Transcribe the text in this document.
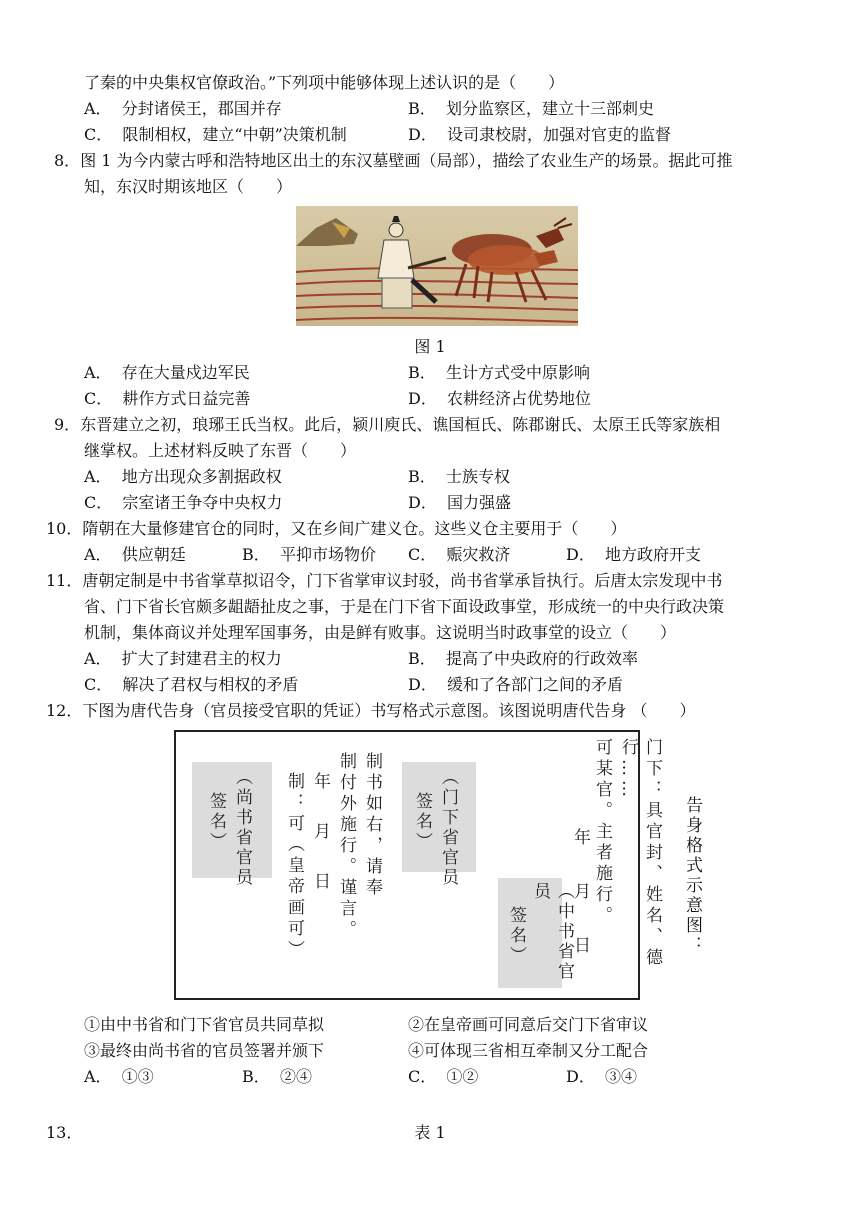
了秦的中央集权官僚政治。”下列项中能够体现上述认识的是（　　）
A． 分封诸侯王，郡国并存	B． 划分监察区，建立十三部刺史
C． 限制相权，建立“中朝”决策机制	D． 设司隶校尉，加强对官吏的监督
8．图 1 为今内蒙古呼和浩特地区出土的东汉墓壁画（局部），描绘了农业生产的场景。据此可推
知，东汉时期该地区（　　）
图 1
A． 存在大量戍边军民	B． 生计方式受中原影响
C． 耕作方式日益完善	D． 农耕经济占优势地位
9．东晋建立之初，琅琊王氏当权。此后，颍川庾氏、谯国桓氏、陈郡谢氏、太原王氏等家族相
继掌权。上述材料反映了东晋（　　）
A． 地方出现众多割据政权	B． 士族专权
C． 宗室诸王争夺中央权力	D． 国力强盛
10．隋朝在大量修建官仓的同时，又在乡间广建义仓。这些义仓主要用于（　　）
A． 供应朝廷	B． 平抑市场物价 C． 赈灾救济	D． 地方政府开支
11．唐朝定制是中书省掌草拟诏令，门下省掌审议封驳，尚书省掌承旨执行。后唐太宗发现中书
省、门下省长官颇多龃龉扯皮之事，于是在门下省下面设政事堂，形成统一的中央行政决策
机制，集体商议并处理军国事务，由是鲜有败事。这说明当时政事堂的设立（　　）
A． 扩大了封建君主的权力	B． 提高了中央政府的行政效率
C． 解决了君权与相权的矛盾	D． 缓和了各部门之间的矛盾
12．下图为唐代告身（官员接受官职的凭证）书写格式示意图。该图说明唐代告身 （　　）
门下：具官封、姓名、德行……
可某官。主者施行。
年　月　日
（中书省官员
签名）
（门下省官员
签名）
制书如右，请奉
制付外施行。谨言。
年　月　日
制：可（皇帝画可）
（尚书省官员
签名）	告身格式示意图：
①由中书省和门下省官员共同草拟	②在皇帝画可同意后交门下省审议
③最终由尚书省的官员签署并颁下	④可体现三省相互牵制又分工配合
A． ①③	B． ②④	C． ①②	D． ③④
13．	表 1
